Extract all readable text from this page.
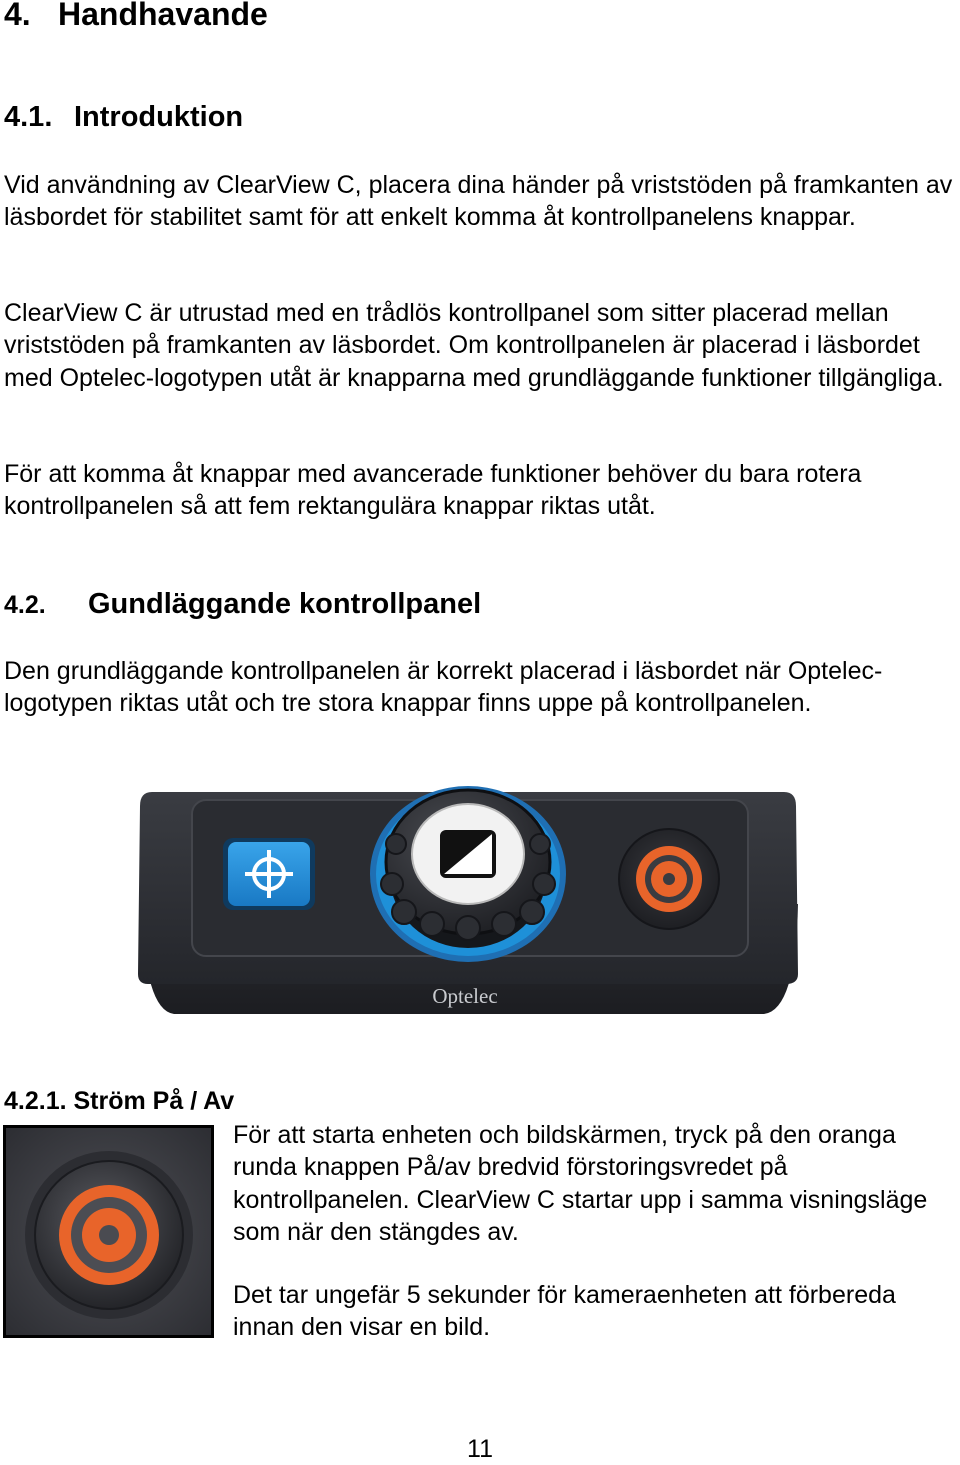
4. Handhavande
4.1. Introduktion

Vid användning av ClearView C, placera dina händer på vriststöden på framkanten av läsbordet för stabilitet samt för att enkelt komma åt kontrollpanelens knappar.

ClearView C är utrustad med en trådlös kontrollpanel som sitter placerad mellan vriststöden på framkanten av läsbordet. Om kontrollpanelen är placerad i läsbordet med Optelec-logotypen utåt är knapparna med grundläggande funktioner tillgängliga.

För att komma åt knappar med avancerade funktioner behöver du bara rotera kontrollpanelen så att fem rektangulära knappar riktas utåt.

4.2. Gundläggande kontrollpanel

Den grundläggande kontrollpanelen är korrekt placerad i läsbordet när Optelec-logotypen riktas utåt och tre stora knappar finns uppe på kontrollpanelen.

Optelec
4.2.1. Ström På / Av

För att starta enheten och bildskärmen, tryck på den oranga runda knappen På/av bredvid förstoringsvredet på kontrollpanelen. ClearView C startar upp i samma visningsläge som när den stängdes av.

Det tar ungefär 5 sekunder för kameraenheten att förbereda innan den visar en bild.

11
